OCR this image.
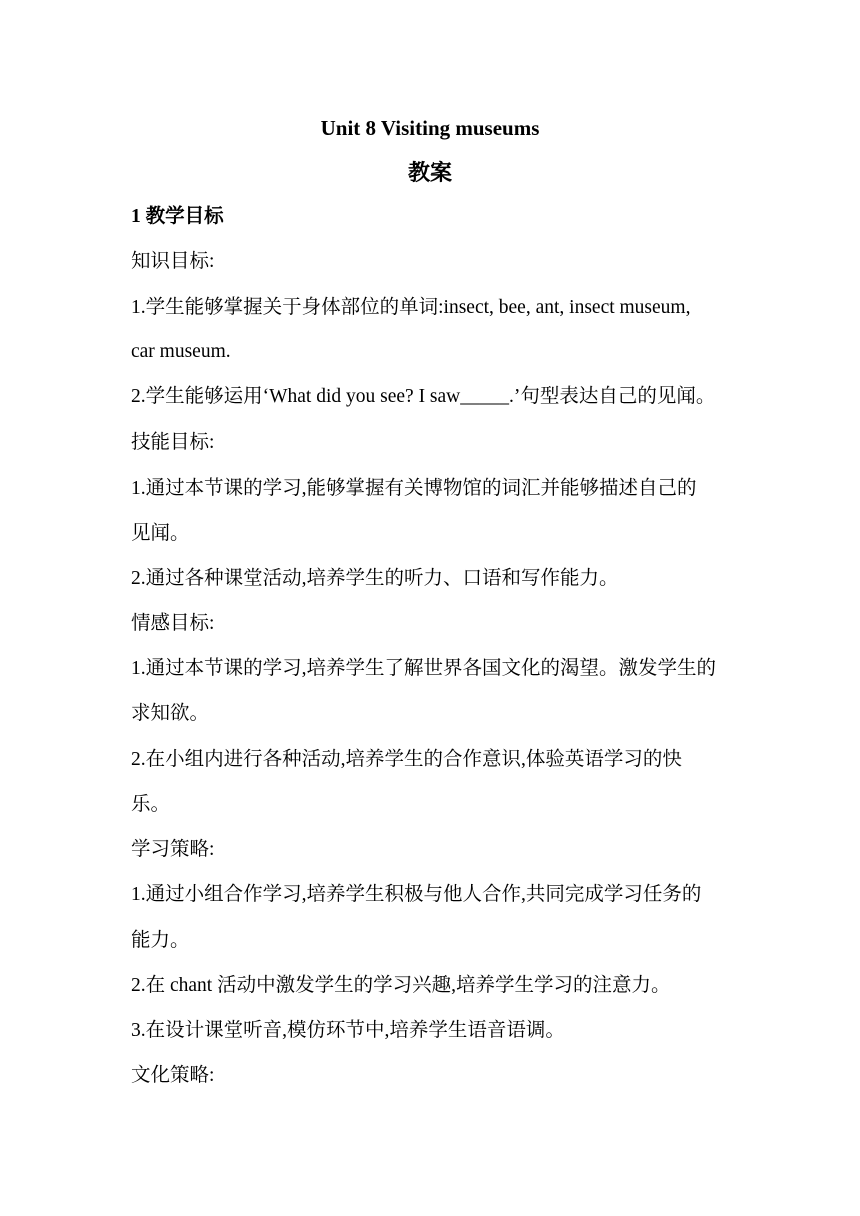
Unit 8 Visiting museums
教案
1 教学目标
知识目标:
1.学生能够掌握关于身体部位的单词:insect, bee, ant, insect museum,
car museum.
2.学生能够运用‘What did you see? I saw_____.’句型表达自己的见闻。
技能目标:
1.通过本节课的学习,能够掌握有关博物馆的词汇并能够描述自己的
见闻。
2.通过各种课堂活动,培养学生的听力、口语和写作能力。
情感目标:
1.通过本节课的学习,培养学生了解世界各国文化的渴望。激发学生的
求知欲。
2.在小组内进行各种活动,培养学生的合作意识,体验英语学习的快
乐。
学习策略:
1.通过小组合作学习,培养学生积极与他人合作,共同完成学习任务的
能力。
2.在 chant 活动中激发学生的学习兴趣,培养学生学习的注意力。
3.在设计课堂听音,模仿环节中,培养学生语音语调。
文化策略:
